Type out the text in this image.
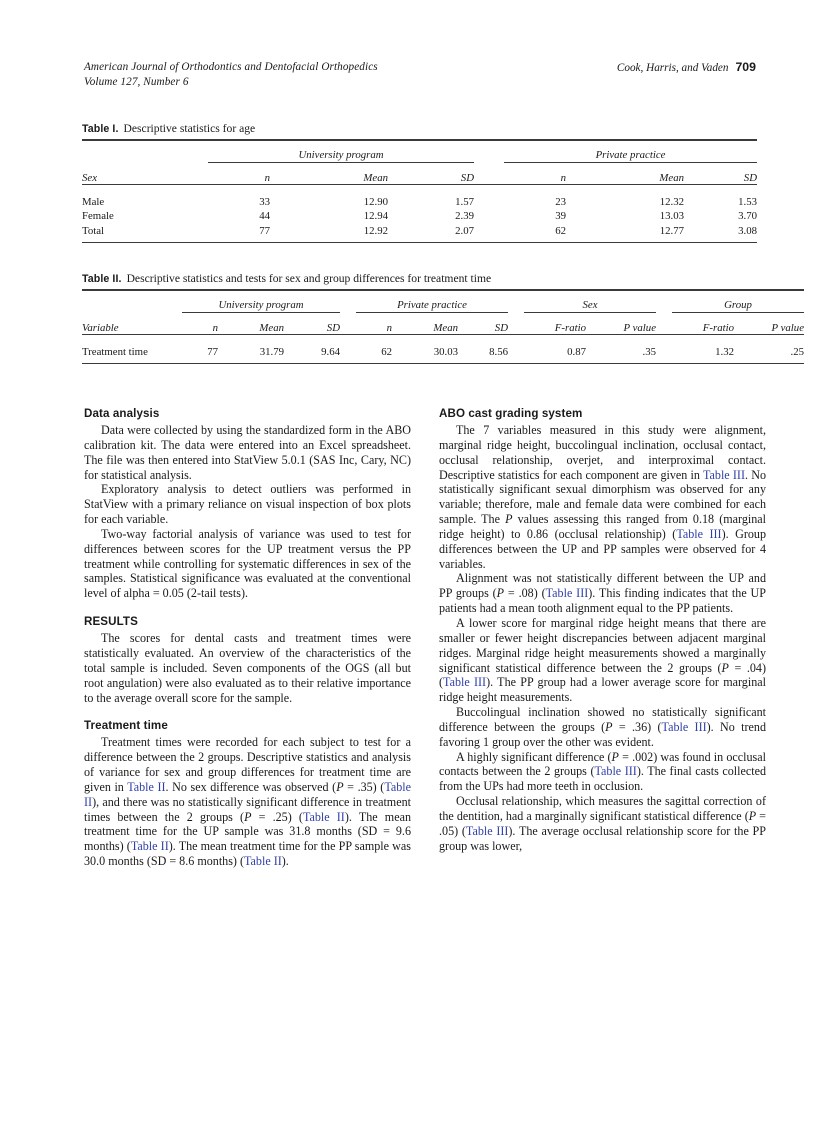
American Journal of Orthodontics and Dentofacial Orthopedics
Volume 127, Number 6
Cook, Harris, and Vaden 709
Table I. Descriptive statistics for age

	University program				Private practice		

Sex	n	Mean	SD		n	Mean	SD

Male	33	12.90	1.57		23	12.32	1.53
Female	44	12.94	2.39		39	13.03	3.70
Total	77	12.92	2.07		62	12.77	3.08

Table II. Descriptive statistics and tests for sex and group differences for treatment time

	University program				Private practice				Sex			Group	

Variable	n	Mean	SD		n	Mean	SD		F-ratio	P value		F-ratio	P value

Treatment time	77	31.79	9.64		62	30.03	8.56		0.87	.35		1.32	.25

Data analysis

Data were collected by using the standardized form in the ABO calibration kit. The data were entered into an Excel spreadsheet. The file was then entered into StatView 5.0.1 (SAS Inc, Cary, NC) for statistical analysis.

Exploratory analysis to detect outliers was performed in StatView with a primary reliance on visual inspection of box plots for each variable.

Two-way factorial analysis of variance was used to test for differences between scores for the UP treatment versus the PP treatment while controlling for systematic differences in sex of the samples. Statistical significance was evaluated at the conventional level of alpha = 0.05 (2-tail tests).

RESULTS

The scores for dental casts and treatment times were statistically evaluated. An overview of the characteristics of the total sample is included. Seven components of the OGS (all but root angulation) were also evaluated as to their relative importance to the average overall score for the sample.

Treatment time

Treatment times were recorded for each subject to test for a difference between the 2 groups. Descriptive statistics and analysis of variance for sex and group differences for treatment time are given in Table II. No sex difference was observed (P = .35) (Table II), and there was no statistically significant difference in treatment times between the 2 groups (P = .25) (Table II). The mean treatment time for the UP sample was 31.8 months (SD = 9.6 months) (Table II). The mean treatment time for the PP sample was 30.0 months (SD = 8.6 months) (Table II).

ABO cast grading system

The 7 variables measured in this study were alignment, marginal ridge height, buccolingual inclination, occlusal contact, occlusal relationship, overjet, and interproximal contact. Descriptive statistics for each component are given in Table III. No statistically significant sexual dimorphism was observed for any variable; therefore, male and female data were combined for each sample. The P values assessing this ranged from 0.18 (marginal ridge height) to 0.86 (occlusal relationship) (Table III). Group differences between the UP and PP samples were observed for 4 variables.

Alignment was not statistically different between the UP and PP groups (P = .08) (Table III). This finding indicates that the UP patients had a mean tooth alignment equal to the PP patients.

A lower score for marginal ridge height means that there are smaller or fewer height discrepancies between adjacent marginal ridges. Marginal ridge height measurements showed a marginally significant statistical difference between the 2 groups (P = .04) (Table III). The PP group had a lower average score for marginal ridge height measurements.

Buccolingual inclination showed no statistically significant difference between the groups (P = .36) (Table III). No trend favoring 1 group over the other was evident.

A highly significant difference (P = .002) was found in occlusal contacts between the 2 groups (Table III). The final casts collected from the UPs had more teeth in occlusion.

Occlusal relationship, which measures the sagittal correction of the dentition, had a marginally significant statistical difference (P = .05) (Table III). The average occlusal relationship score for the PP group was lower,
